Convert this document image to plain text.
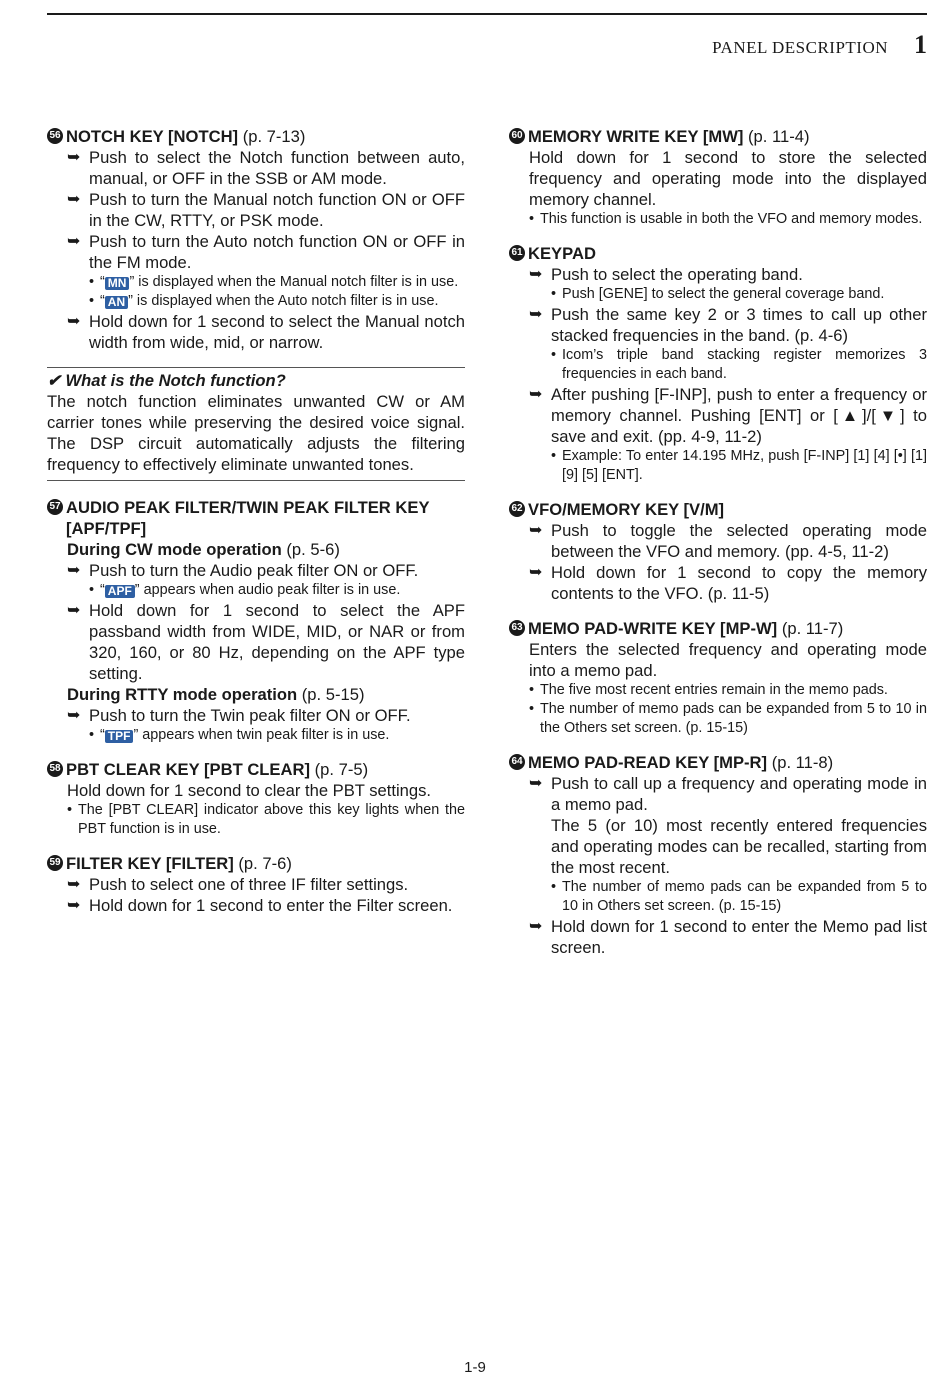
PANEL DESCRIPTION 1
56 NOTCH KEY [NOTCH] (p. 7-13)
➥ Push to select the Notch function between auto, manual, or OFF in the SSB or AM mode.
➥ Push to turn the Manual notch function ON or OFF in the CW, RTTY, or PSK mode.
➥ Push to turn the Auto notch function ON or OFF in the FM mode.
• “ MN ” is displayed when the Manual notch filter is in use.
• “ AN ” is displayed when the Auto notch filter is in use.
➥ Hold down for 1 second to select the Manual notch width from wide, mid, or narrow.
✔ What is the Notch function?
The notch function eliminates unwanted CW or AM carrier tones while preserving the desired voice signal. The DSP circuit automatically adjusts the filtering frequency to effectively eliminate unwanted tones.
57 AUDIO PEAK FILTER/TWIN PEAK FILTER KEY [APF/TPF]
During CW mode operation (p. 5-6)
➥ Push to turn the Audio peak filter ON or OFF.
• “ APF ” appears when audio peak filter is in use.
➥ Hold down for 1 second to select the APF passband width from WIDE, MID, or NAR or from 320, 160, or 80 Hz, depending on the APF type setting.
During RTTY mode operation (p. 5-15)
➥ Push to turn the Twin peak filter ON or OFF.
• “ TPF ” appears when twin peak filter is in use.
58 PBT CLEAR KEY [PBT CLEAR] (p. 7-5)
Hold down for 1 second to clear the PBT settings.
• The [PBT CLEAR] indicator above this key lights when the PBT function is in use.
59 FILTER KEY [FILTER] (p. 7-6)
➥ Push to select one of three IF filter settings.
➥ Hold down for 1 second to enter the Filter screen.
60 MEMORY WRITE KEY [MW] (p. 11-4)
Hold down for 1 second to store the selected frequency and operating mode into the displayed memory channel.
• This function is usable in both the VFO and memory modes.
61 KEYPAD
➥ Push to select the operating band.
• Push [GENE] to select the general coverage band.
➥ Push the same key 2 or 3 times to call up other stacked frequencies in the band. (p. 4-6)
• Icom’s triple band stacking register memorizes 3 frequencies in each band.
➥ After pushing [F-INP], push to enter a frequency or memory channel. Pushing [ENT] or [▲]/[▼] to save and exit. (pp. 4-9, 11-2)
• Example: To enter 14.195 MHz, push [F-INP] [1] [4] [•] [1] [9] [5] [ENT].
62 VFO/MEMORY KEY [V/M]
➥ Push to toggle the selected operating mode between the VFO and memory. (pp. 4-5, 11-2)
➥ Hold down for 1 second to copy the memory contents to the VFO. (p. 11-5)
63 MEMO PAD-WRITE KEY [MP-W] (p. 11-7)
Enters the selected frequency and operating mode into a memo pad.
• The five most recent entries remain in the memo pads.
• The number of memo pads can be expanded from 5 to 10 in the Others set screen. (p. 15-15)
64 MEMO PAD-READ KEY [MP-R] (p. 11-8)
➥ Push to call up a frequency and operating mode in a memo pad.
The 5 (or 10) most recently entered frequencies and operating modes can be recalled, starting from the most recent.
• The number of memo pads can be expanded from 5 to 10 in Others set screen. (p. 15-15)
➥ Hold down for 1 second to enter the Memo pad list screen.
1-9
